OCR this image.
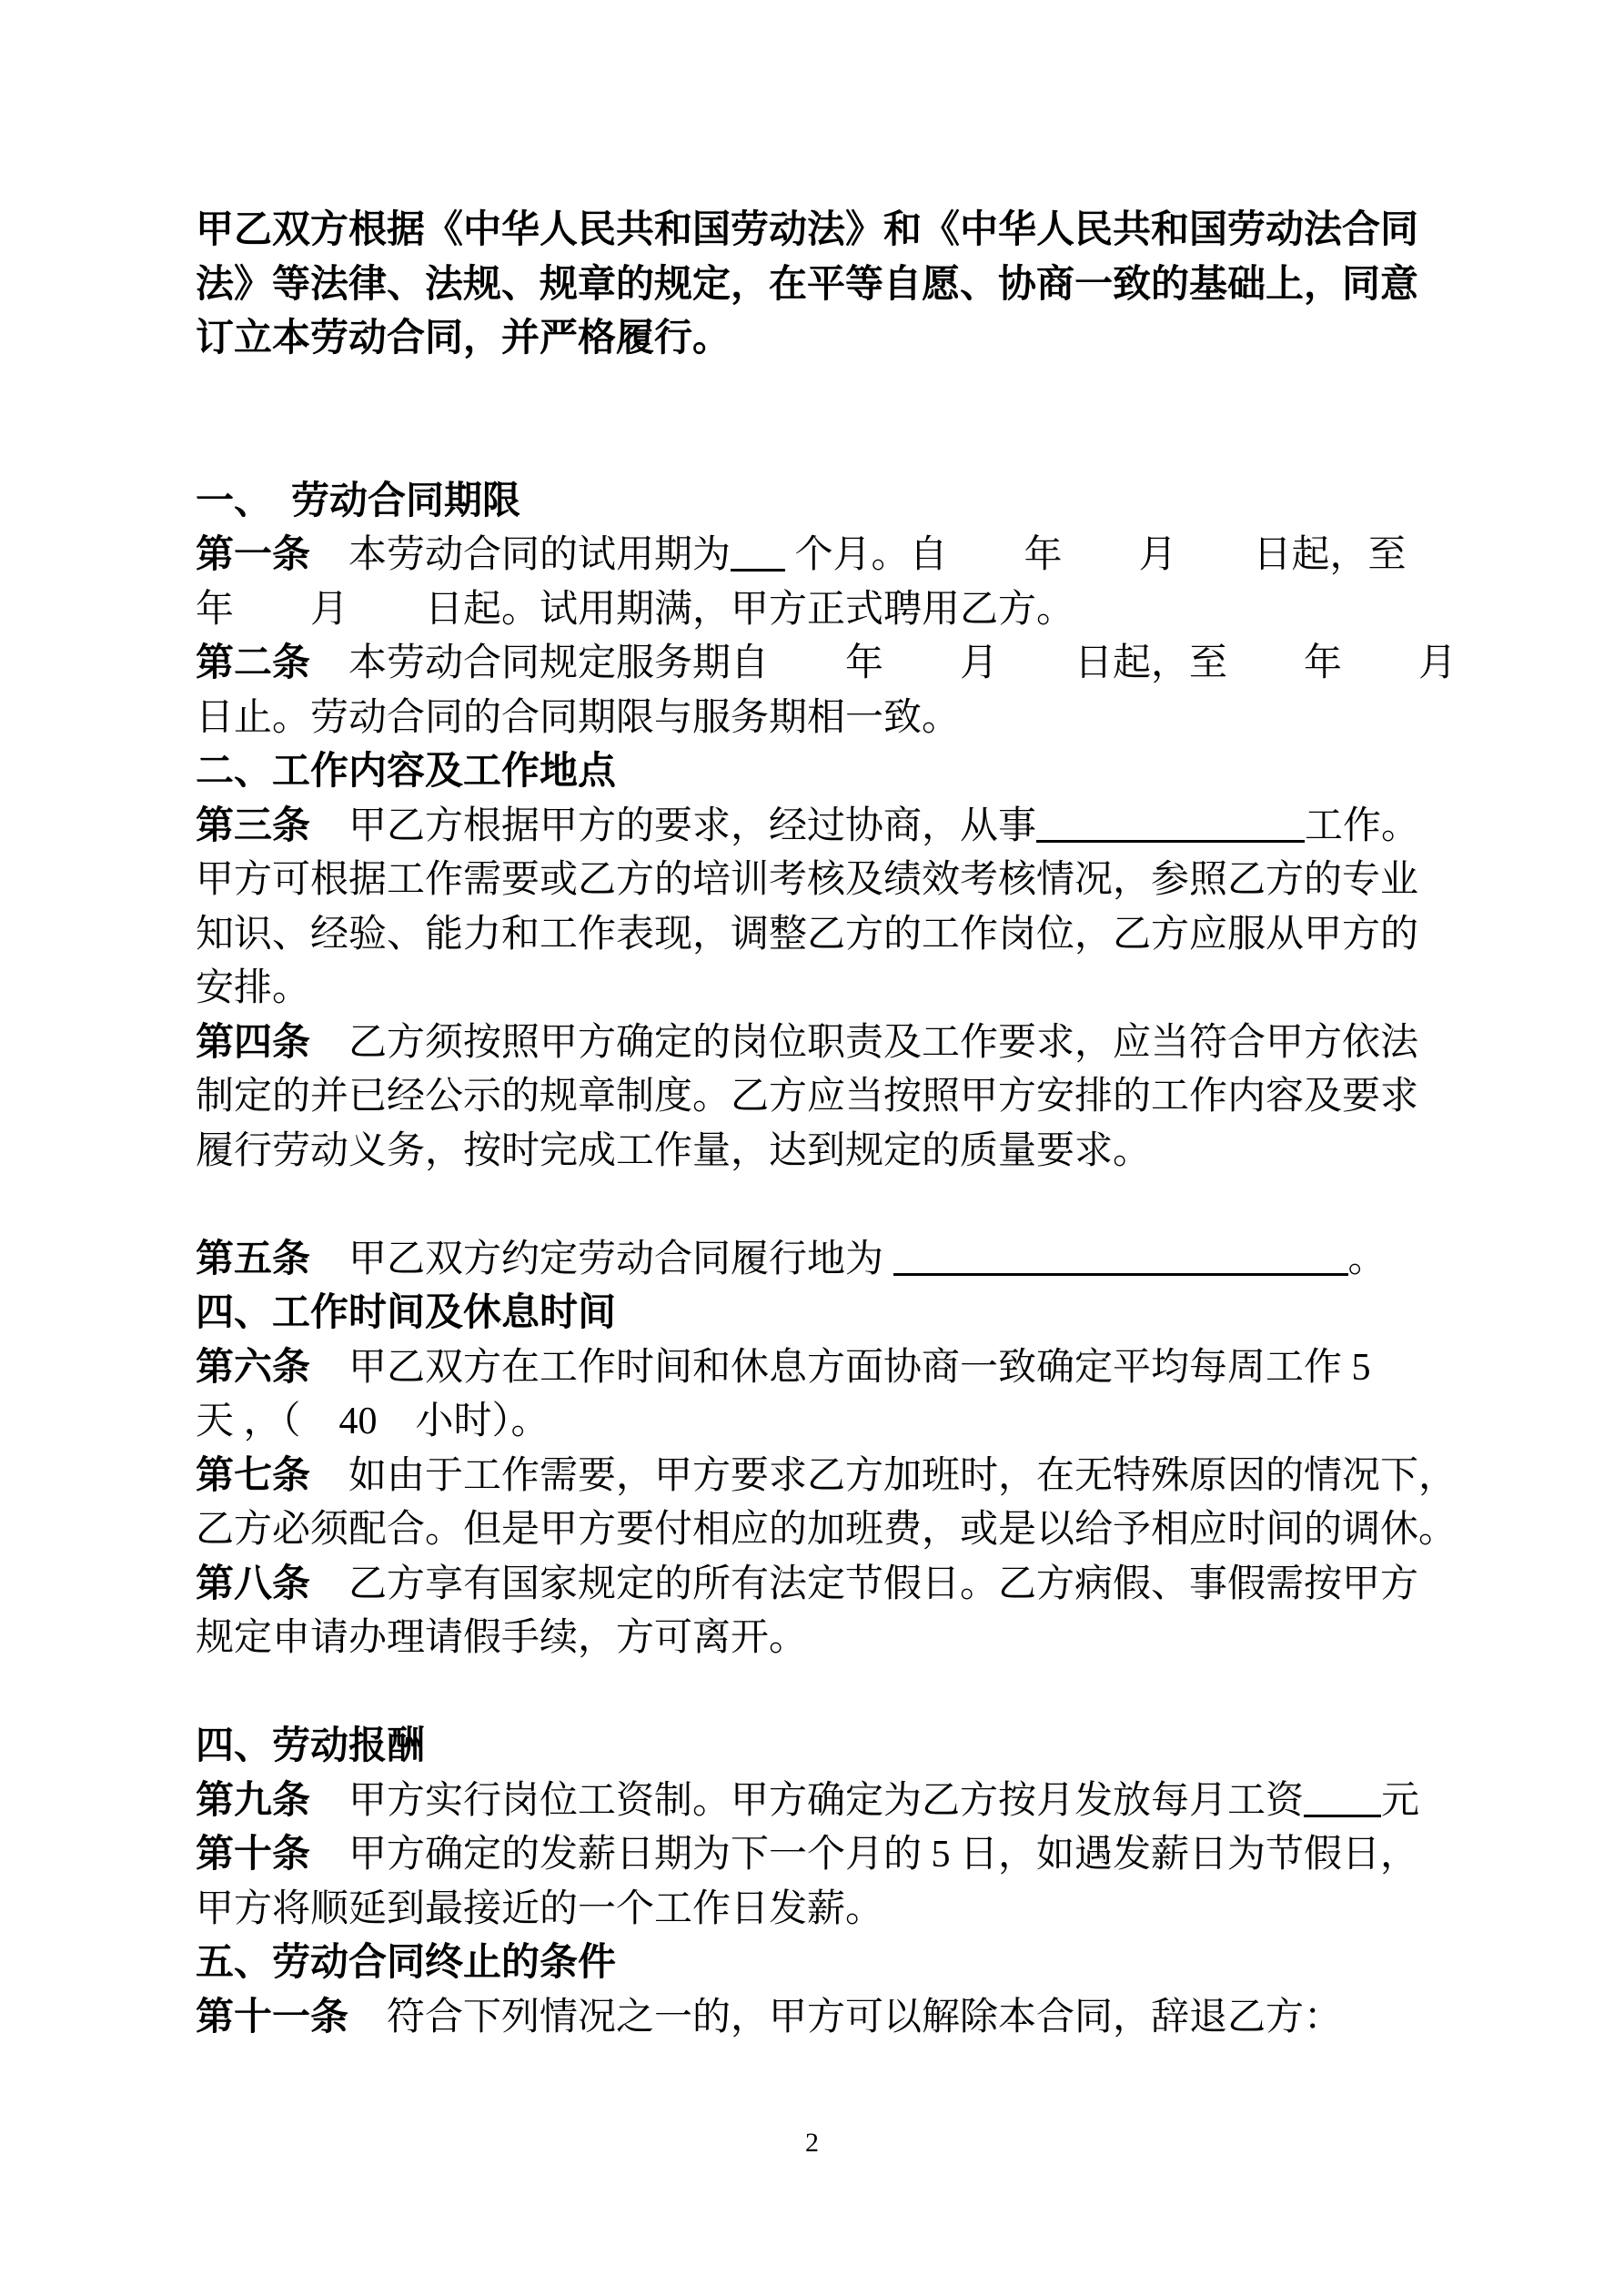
甲乙双方根据《中华人民共和国劳动法》和《中华人民共和国劳动法合同
法》等法律、法规、规章的规定，在平等自愿、协商一致的基础上，同意
订立本劳动合同，并严格履行。
一、　劳动合同期限
第一条　本劳动合同的试用期为 个月。自　　年　　月　　日起，至
年　　月　　日起。试用期满，甲方正式聘用乙方。
第二条　本劳动合同规定服务期自　　年　　月　　日起，至　　年　　月
日止。劳动合同的合同期限与服务期相一致。
二、工作内容及工作地点
第三条　甲乙方根据甲方的要求，经过协商，从事	工作。
甲方可根据工作需要或乙方的培训考核及绩效考核情况，参照乙方的专业
知识、经验、能力和工作表现，调整乙方的工作岗位，乙方应服从甲方的
安排。
第四条　乙方须按照甲方确定的岗位职责及工作要求，应当符合甲方依法
制定的并已经公示的规章制度。乙方应当按照甲方安排的工作内容及要求
履行劳动义务，按时完成工作量，达到规定的质量要求。
第五条　甲乙双方约定劳动合同履行地为	。
四、工作时间及休息时间
第六条　甲乙双方在工作时间和休息方面协商一致确定平均每周工作 5
天 ，（　40　小时）。
第七条　如由于工作需要，甲方要求乙方加班时，在无特殊原因的情况下，
乙方必须配合。但是甲方要付相应的加班费，或是以给予相应时间的调休。
第八条　乙方享有国家规定的所有法定节假日。乙方病假、事假需按甲方
规定申请办理请假手续，方可离开。
四、劳动报酬
第九条　甲方实行岗位工资制。甲方确定为乙方按月发放每月工资 元
第十条　甲方确定的发薪日期为下一个月的 5 日，如遇发薪日为节假日，
甲方将顺延到最接近的一个工作日发薪。
五、劳动合同终止的条件
第十一条　符合下列情况之一的，甲方可以解除本合同，辞退乙方：
2
